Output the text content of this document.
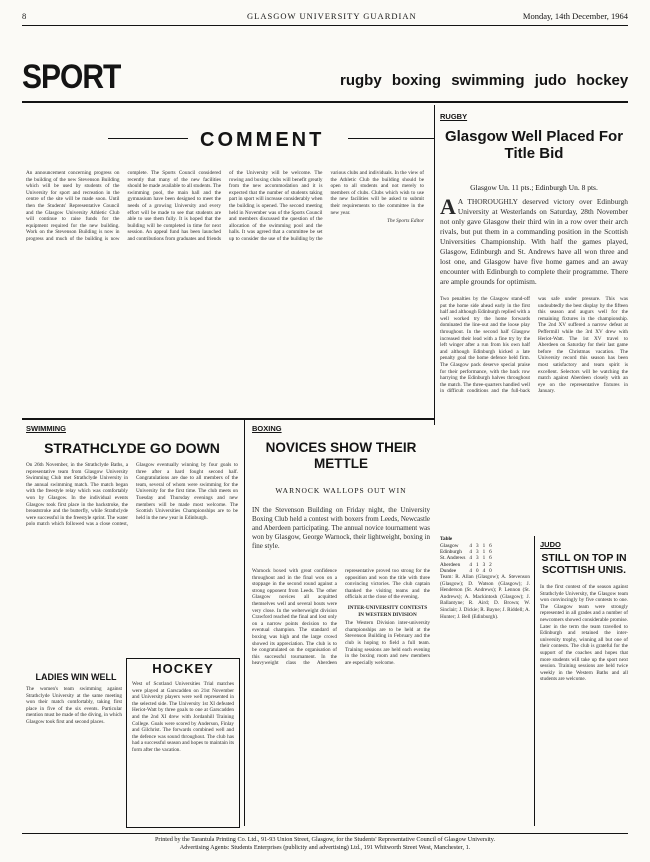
8	GLASGOW UNIVERSITY GUARDIAN	Monday, 14th December, 1964
SPORT	rugby boxing swimming judo hockey
COMMENT
An announcement concerning progress on the building of the new Stevenson Building which will be used by students of the University for sport and recreation in the centre of the site will be made soon. Until then the Students' Representative Council and the Glasgow University Athletic Club will continue to raise funds for the equipment required for the new building. Work on the Stevenson Building is now in progress and much of the building is now complete. The Sports Council considered recently that many of the new facilities should be made available to all students. The swimming pool, the main hall and the gymnasium have been designed to meet the needs of a growing University and every effort will be made to see that students are able to use them fully. It is hoped that the building will be completed in time for next session. An appeal fund has been launched and contributions from graduates and friends of the University will be welcome. The rowing and boxing clubs will benefit greatly from the new accommodation and it is expected that the number of students taking part in sport will increase considerably when the building is opened. The second meeting held in November was of the Sports Council and members discussed the question of the allocation of the swimming pool and the halls. It was agreed that a committee be set up to consider the use of the building by the various clubs and individuals. In the view of the Athletic Club the building should be open to all students and not merely to members of clubs. Clubs which wish to use the new facilities will be asked to submit their requirements to the committee in the new year.
The Sports Editor
RUGBY
Glasgow Well Placed For Title Bid
Glasgow Un. 11 pts.; Edinburgh Un. 8 pts.
A A THOROUGHLY deserved victory over Edinburgh University at Westerlands on Saturday, 28th November not only gave Glasgow their third win in a row over their arch rivals, but put them in a commanding position in the Scottish Universities Championship. With half the games played, Glasgow, Edinburgh and St. Andrews have all won three and lost one, and Glasgow have five home games and an away encounter with Edinburgh to complete their programme. There are ample grounds for optimism.
Two penalties by the Glasgow stand-off put the home side ahead early in the first half and although Edinburgh replied with a well worked try the home forwards dominated the line-out and the loose play throughout. In the second half Glasgow increased their lead with a fine try by the left winger after a run from his own half and although Edinburgh kicked a late penalty goal the home defence held firm. The Glasgow pack deserve special praise for their performance, with the back row harrying the Edinburgh halves throughout the match. The three-quarters handled well in difficult conditions and the full-back was safe under pressure. This was undoubtedly the best display by the fifteen this season and augurs well for the remaining fixtures in the championship. The 2nd XV suffered a narrow defeat at Peffermill while the 3rd XV drew with Heriot-Watt. The 1st XV travel to Aberdeen on Saturday for their last game before the Christmas vacation. The University record this season has been most satisfactory and team spirit is excellent. Selectors will be watching the match against Aberdeen closely with an eye on the representative fixtures in January.
Table
Glasgow	4	3	1	6
Edinburgh	4	3	1	6
St. Andrews	4	3	1	6
Aberdeen	4	1	3	2
Dundee	4	0	4	0
Team: R. Allan (Glasgow); A. Stevenson (Glasgow); D. Watson (Glasgow); J. Henderson (St. Andrews); P. Lennon (St. Andrews); A. Mackintosh (Glasgow); J. Ballantyne; R. Aird; D. Brown; W. Sinclair; J. Dickie; R. Bayne; J. Riddell; A. Hunter; J. Bell (Edinburgh).
JUDO
STILL ON TOP IN SCOTTISH UNIS.
In the first contest of the season against Strathclyde University, the Glasgow team won convincingly by five contests to one. The Glasgow team were strongly represented in all grades and a number of newcomers showed considerable promise. Later in the term the team travelled to Edinburgh and retained the inter-university trophy, winning all but one of their contests. The club is grateful for the support of the coaches and hopes that more students will take up the sport next session. Training sessions are held twice weekly in the Western Baths and all students are welcome.
SWIMMING
STRATHCLYDE GO DOWN
On 26th November, in the Strathclyde Baths, a representative team from Glasgow University Swimming Club met Strathclyde University in the annual swimming match. The match began with the freestyle relay which was comfortably won by Glasgow. In the individual events Glasgow took first place in the backstroke, the breaststroke and the butterfly, while Strathclyde were successful in the freestyle sprint. The water polo match which followed was a close contest, Glasgow eventually winning by four goals to three after a hard fought second half. Congratulations are due to all members of the team, several of whom were swimming for the University for the first time. The club meets on Tuesday and Thursday evenings and new members will be made most welcome. The Scottish Universities Championships are to be held in the new year in Edinburgh.
LADIES WIN WELL
The women's team swimming against Strathclyde University at the same meeting won their match comfortably, taking first place in five of the six events. Particular mention must be made of the diving, in which Glasgow took first and second places.
HOCKEY
West of Scotland Universities Trial matches were played at Garscadden on 21st November and University players were well represented in the selected side. The University 1st XI defeated Heriot-Watt by three goals to one at Garscadden and the 2nd XI drew with Jordanhill Training College. Goals were scored by Anderson, Finlay and Gilchrist. The forwards combined well and the defence was sound throughout. The club has had a successful season and hopes to maintain its form after the vacation.
BOXING
NOVICES SHOW THEIR METTLE
WARNOCK WALLOPS OUT WIN
IN the Stevenson Building on Friday night, the University Boxing Club held a contest with boxers from Leeds, Newcastle and Aberdeen participating. The annual novice tournament was won by Glasgow, George Warnock, their lightweight, boxing in fine style.
Warnock boxed with great confidence throughout and in the final won on a stoppage in the second round against a strong opponent from Leeds. The other Glasgow novices all acquitted themselves well and several bouts were very close. In the welterweight division Crawford reached the final and lost only on a narrow points decision to the eventual champion. The standard of boxing was high and the large crowd showed its appreciation. The club is to be congratulated on the organisation of this successful tournament. In the heavyweight class the Aberdeen representative proved too strong for the opposition and won the title with three convincing victories. The club captain thanked the visiting teams and the officials at the close of the evening.
INTER-UNIVERSITY CONTESTS IN WESTERN DIVISION
The Western Division inter-university championships are to be held at the Stevenson Building in February and the club is hoping to field a full team. Training sessions are held each evening in the boxing room and new members are especially welcome.
Printed by the Tarantula Printing Co. Ltd., 91-93 Union Street, Glasgow, for the Students' Representative Council of Glasgow University.
Advertising Agents: Students Enterprises (publicity and advertising) Ltd., 191 Whitworth Street West, Manchester, 1.
